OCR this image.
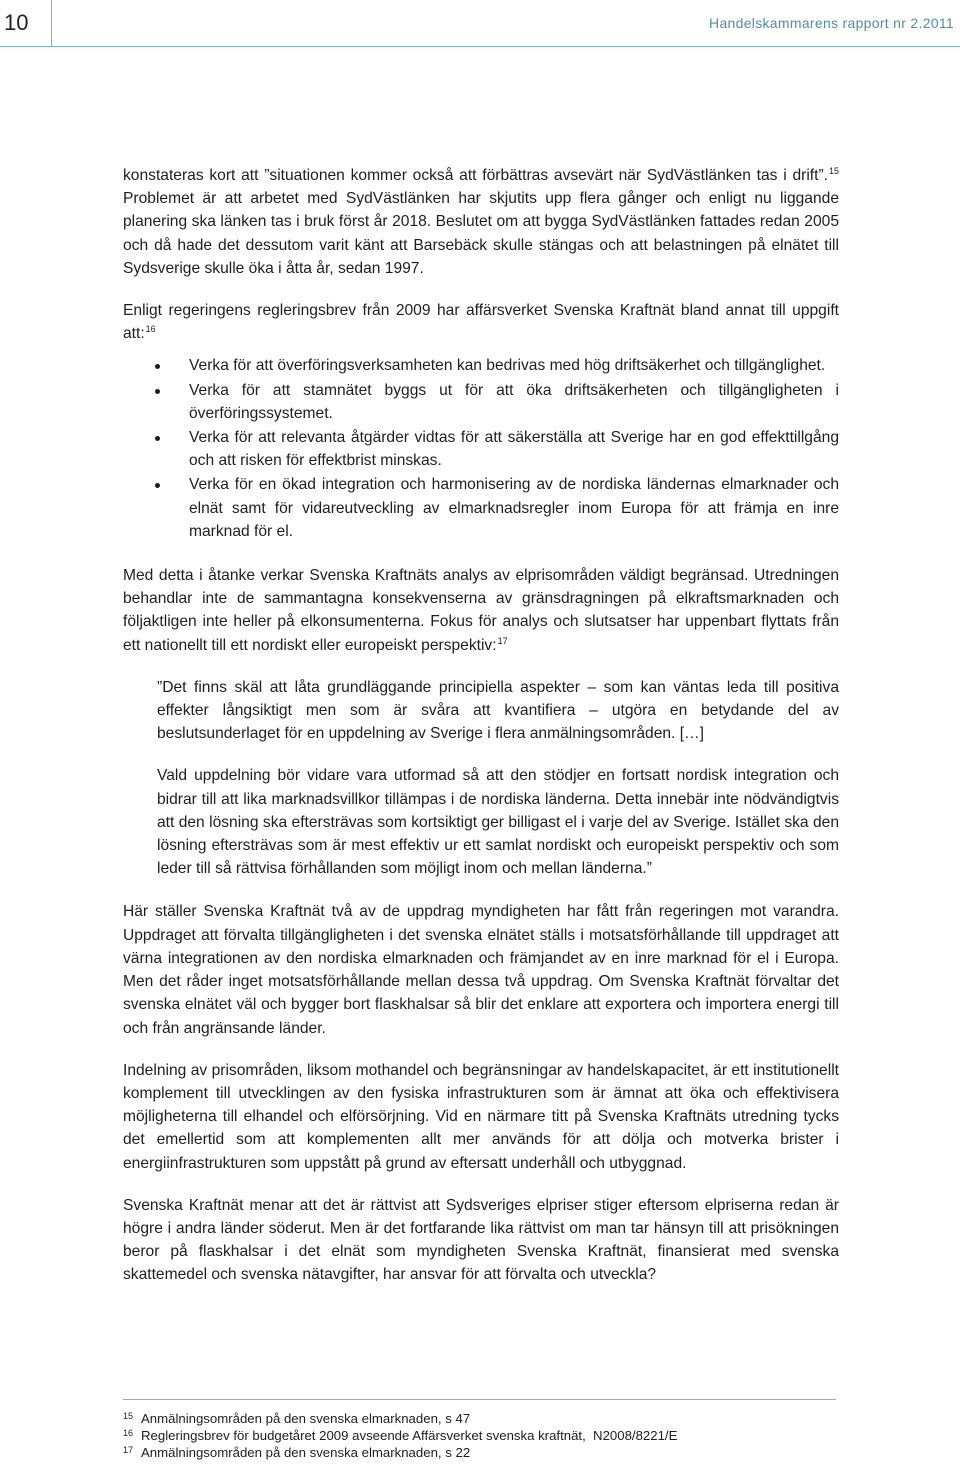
10	Handelskammarens rapport nr 2.2011

konstateras kort att ”situationen kommer också att förbättras avsevärt när SydVästlänken tas i drift”.$^{15}$ Problemet är att arbetet med SydVästlänken har skjutits upp flera gånger och enligt nu liggande planering ska länken tas i bruk först år 2018. Beslutet om att bygga SydVästlänken fattades redan 2005 och då hade det dessutom varit känt att Barsebäck skulle stängas och att belastningen på elnätet till Sydsverige skulle öka i åtta år, sedan 1997.

Enligt regeringens regleringsbrev från 2009 har affärsverket Svenska Kraftnät bland annat till uppgift att:$^{16}$

Verka för att överföringsverksamheten kan bedrivas med hög driftsäkerhet och tillgänglighet.
Verka för att stamnätet byggs ut för att öka driftsäkerheten och tillgängligheten i överföringssystemet.
Verka för att relevanta åtgärder vidtas för att säkerställa att Sverige har en god effekttillgång och att risken för effektbrist minskas.
Verka för en ökad integration och harmonisering av de nordiska ländernas elmarknader och elnät samt för vidareutveckling av elmarknadsregler inom Europa för att främja en inre marknad för el.

Med detta i åtanke verkar Svenska Kraftnäts analys av elprisområden väldigt begränsad. Utredningen behandlar inte de sammantagna konsekvenserna av gränsdragningen på elkraftsmarknaden och följaktligen inte heller på elkonsumenterna. Fokus för analys och slutsatser har uppenbart flyttats från ett nationellt till ett nordiskt eller europeiskt perspektiv:$^{17}$

”Det finns skäl att låta grundläggande principiella aspekter – som kan väntas leda till positiva effekter långsiktigt men som är svåra att kvantifiera – utgöra en betydande del av beslutsunderlaget för en uppdelning av Sverige i flera anmälningsområden. […]

Vald uppdelning bör vidare vara utformad så att den stödjer en fortsatt nordisk integration och bidrar till att lika marknadsvillkor tillämpas i de nordiska länderna. Detta innebär inte nödvändigtvis att den lösning ska eftersträvas som kortsiktigt ger billigast el i varje del av Sverige. Istället ska den lösning eftersträvas som är mest effektiv ur ett samlat nordiskt och europeiskt perspektiv och som leder till så rättvisa förhållanden som möjligt inom och mellan länderna.”

Här ställer Svenska Kraftnät två av de uppdrag myndigheten har fått från regeringen mot varandra. Uppdraget att förvalta tillgängligheten i det svenska elnätet ställs i motsatsförhållande till uppdraget att värna integrationen av den nordiska elmarknaden och främjandet av en inre marknad för el i Europa. Men det råder inget motsatsförhållande mellan dessa två uppdrag. Om Svenska Kraftnät förvaltar det svenska elnätet väl och bygger bort flaskhalsar så blir det enklare att exportera och importera energi till och från angränsande länder.

Indelning av prisområden, liksom mothandel och begränsningar av handelskapacitet, är ett institutionellt komplement till utvecklingen av den fysiska infrastrukturen som är ämnat att öka och effektivisera möjligheterna till elhandel och elförsörjning. Vid en närmare titt på Svenska Kraftnäts utredning tycks det emellertid som att komplementen allt mer används för att dölja och motverka brister i energiinfrastrukturen som uppstått på grund av eftersatt underhåll och utbyggnad.

Svenska Kraftnät menar att det är rättvist att Sydsveriges elpriser stiger eftersom elpriserna redan är högre i andra länder söderut. Men är det fortfarande lika rättvist om man tar hänsyn till att prisökningen beror på flaskhalsar i det elnät som myndigheten Svenska Kraftnät, finansierat med svenska skattemedel och svenska nätavgifter, har ansvar för att förvalta och utveckla?

15 Anmälningsområden på den svenska elmarknaden, s 47
16 Regleringsbrev för budgetåret 2009 avseende Affärsverket svenska kraftnät,  N2008/8221/E
17 Anmälningsområden på den svenska elmarknaden, s 22
